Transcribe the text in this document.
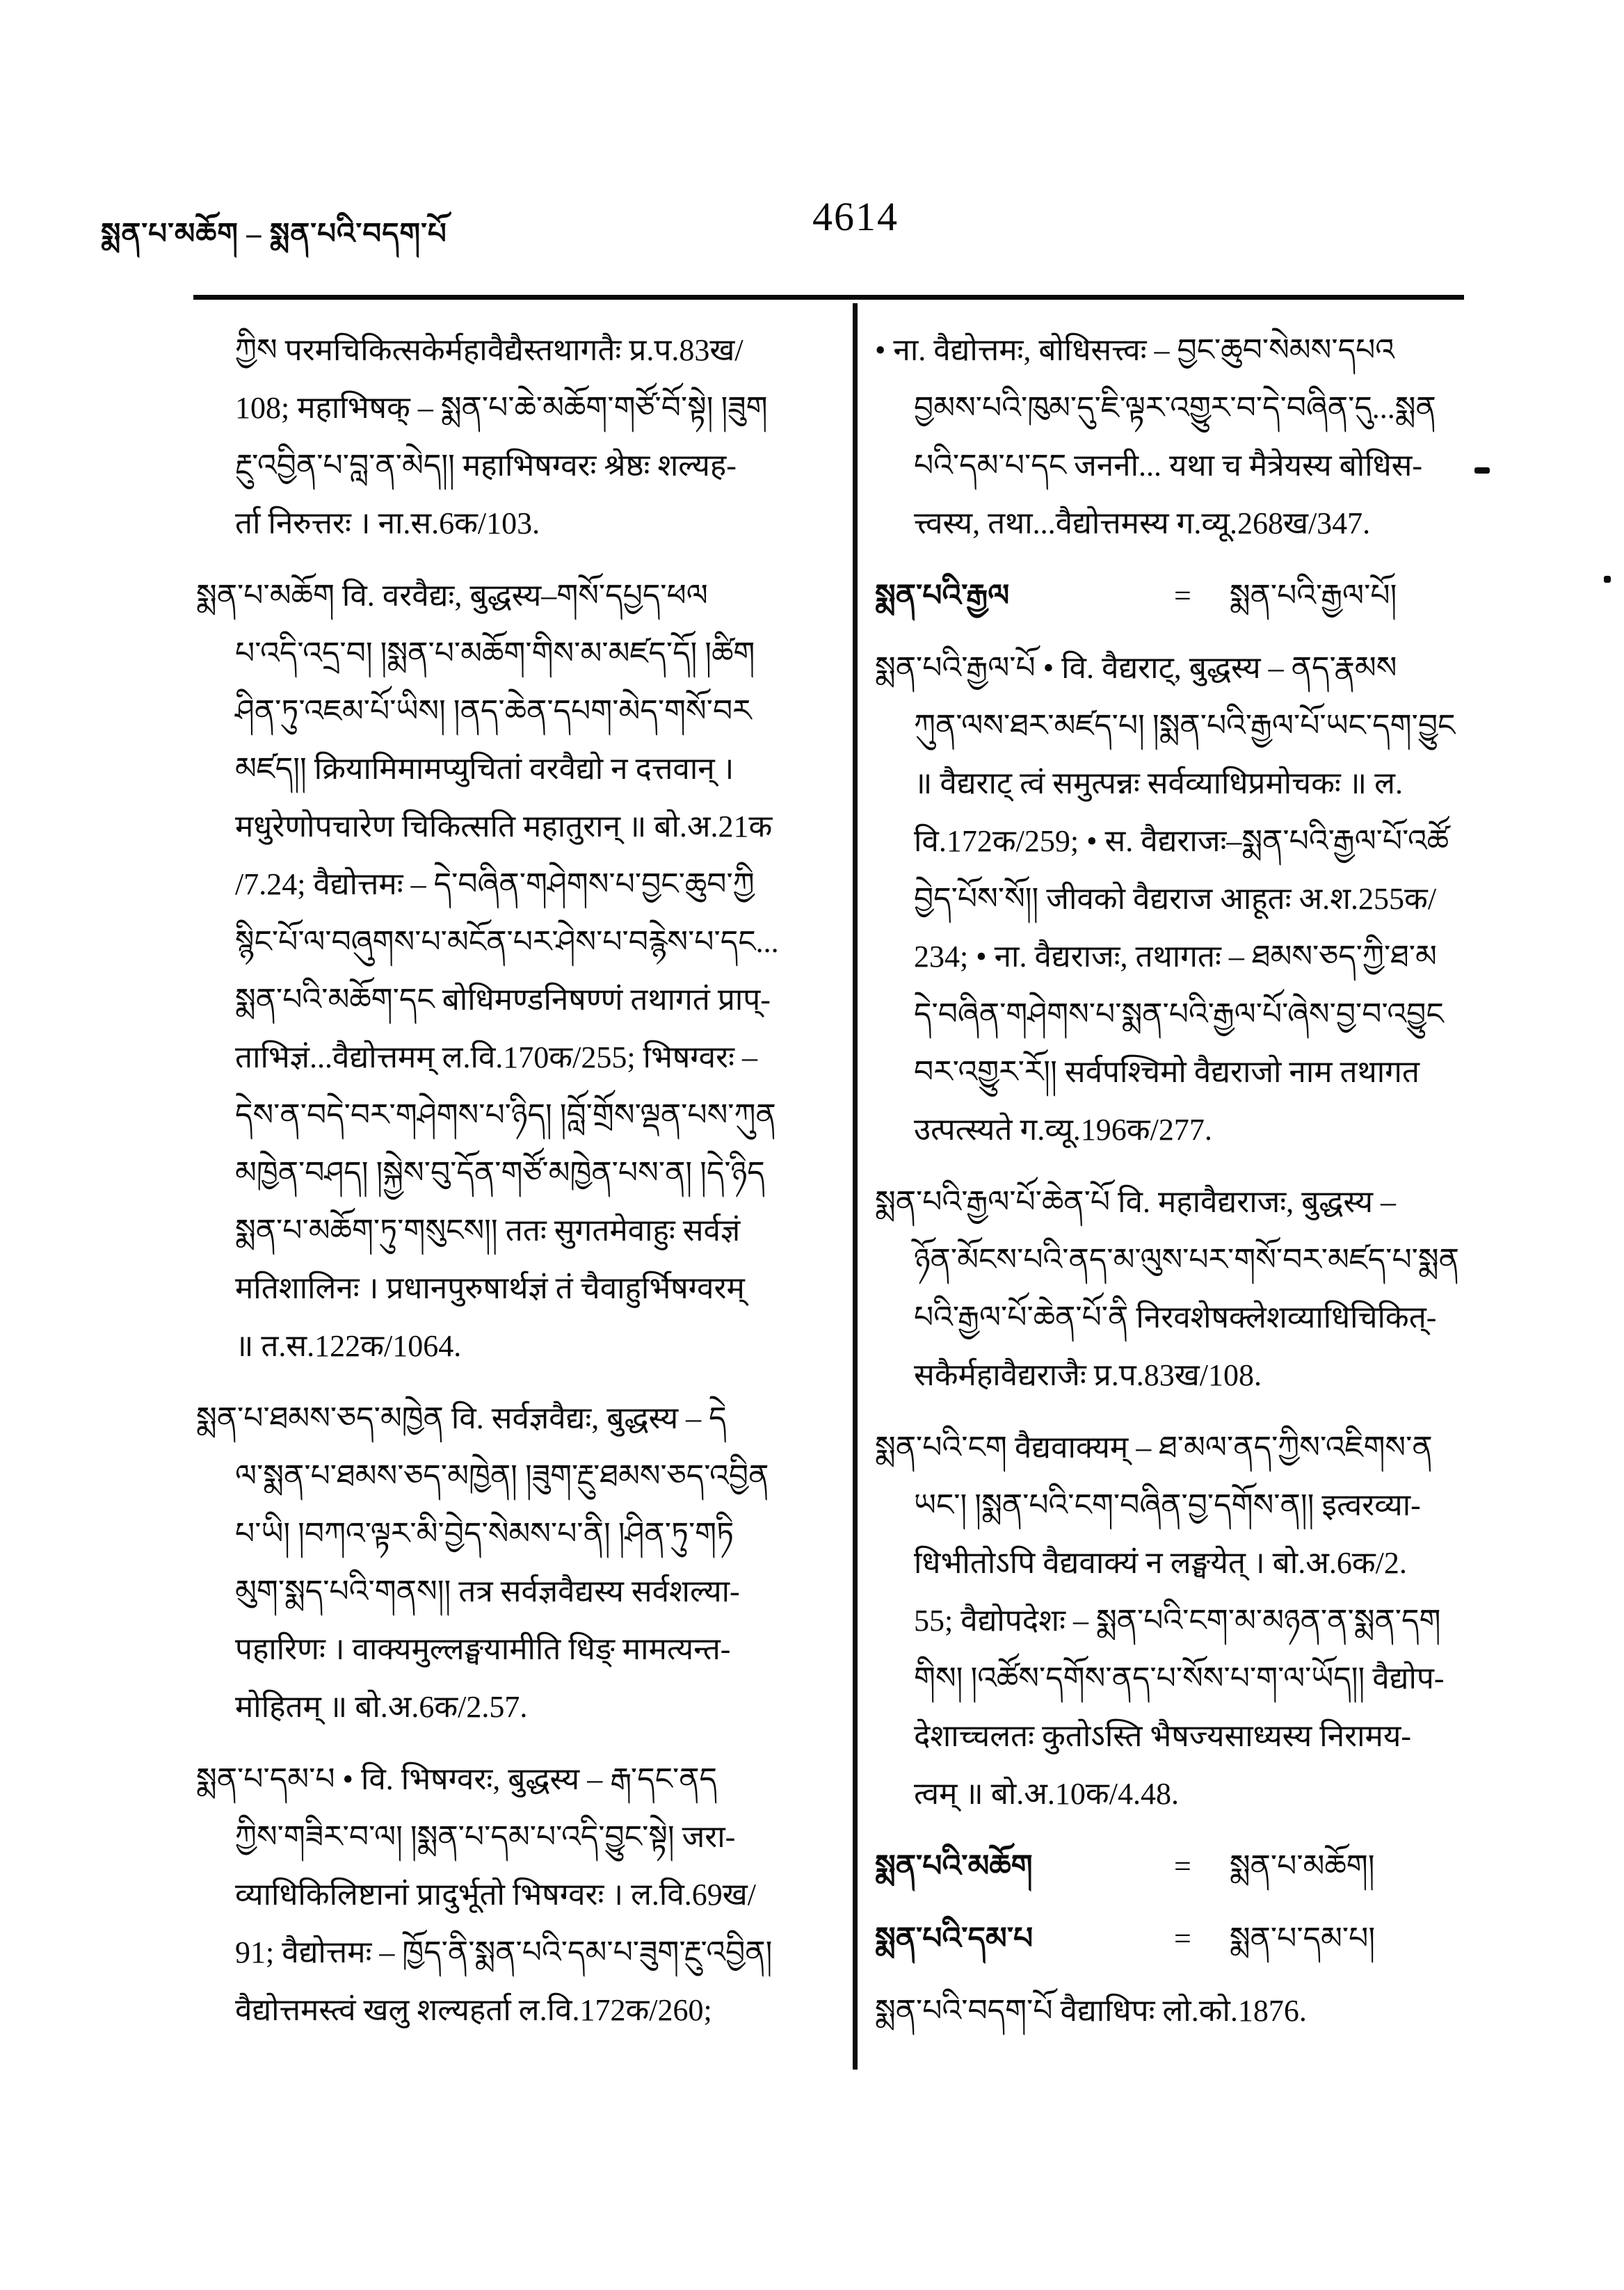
སྨན་པ་མཆོག – སྨན་པའི་བདག་པོ	4614
ཀྱིས परमचिकित्सकेर्महावैद्यैस्तथागतैः प्र.प.83ख/
108; महाभिषक् – སྨན་པ་ཆེ་མཆོག་གཙོ་བོ་སྟེ། །ཟུག
རྔུ་འབྱིན་པ་བླ་ན་མེད།། महाभिषग्वरः श्रेष्ठः शल्यह-
र्ता निरुत्तरः । ना.स.6क/103.
སྨན་པ་མཆོག वि. वरवैद्यः, बुद्धस्य–གསོ་དཔྱད་ཕལ
པ་འདི་འདྲ་བ། །སྨན་པ་མཆོག་གིས་མ་མཛད་དོ། །ཚིག
ཤིན་ཏུ་འཇམ་པོ་ཡིས། །ནད་ཆེན་དཔག་མེད་གསོ་བར
མཛད།། क्रियामिमामप्युचितां वरवैद्यो न दत्तवान् ।
मधुरेणोपचारेण चिकित्सति महातुरान् ॥ बो.अ.21क
/7.24; वैद्योत्तमः – དེ་བཞིན་གཤེགས་པ་བྱང་ཆུབ་ཀྱི
སྙིང་པོ་ལ་བཞུགས་པ་མངོན་པར་ཤེས་པ་བརྙེས་པ་དང...
སྨན་པའི་མཆོག་དང बोधिमण्डनिषण्णं तथागतं प्राप्-
ताभिज्ञं...वैद्योत्तमम् ल.वि.170क/255; भिषग्वरः –
དེས་ན་བདེ་བར་གཤེགས་པ་ཉིད། །བློ་གྲོས་ལྡན་པས་ཀུན
མཁྱེན་བཤད། །སྐྱེས་བུ་དོན་གཙོ་མཁྱེན་པས་ན། །དེ་ཉིད
སྨན་པ་མཆོག་ཏུ་གསུངས།། ततः सुगतमेवाहुः सर्वज्ञं
मतिशालिनः । प्रधानपुरुषार्थज्ञं तं चैवाहुर्भिषग्वरम्
॥ त.स.122क/1064.
སྨན་པ་ཐམས་ཅད་མཁྱེན वि. सर्वज्ञवैद्यः, बुद्धस्य – དེ
ལ་སྨན་པ་ཐམས་ཅད་མཁྱེན། །ཟུག་རྔུ་ཐམས་ཅད་འབྱིན
པ་ཡི། །བཀའ་ལྟར་མི་བྱེད་སེམས་པ་ནི། །ཤིན་ཏུ་གཏི
མུག་སྨད་པའི་གནས།། तत्र सर्वज्ञवैद्यस्य सर्वशल्या-
पहारिणः । वाक्यमुल्लङ्घयामीति धिङ् मामत्यन्त-
मोहितम् ॥ बो.अ.6क/2.57.
སྨན་པ་དམ་པ • वि. भिषग्वरः, बुद्धस्य – རྒ་དང་ནད
ཀྱིས་གཟིར་བ་ལ། །སྨན་པ་དམ་པ་འདི་བྱུང་སྟེ། जरा-
व्याधिकिलिष्टानां प्रादुर्भूतो भिषग्वरः । ल.वि.69ख/
91; वैद्योत्तमः – ཁྱོད་ནི་སྨན་པའི་དམ་པ་ཟུག་རྔུ་འབྱིན།
वैद्योत्तमस्त्वं खलु शल्यहर्ता ल.वि.172क/260;
• ना. वैद्योत्तमः, बोधिसत्त्वः – བྱང་ཆུབ་སེམས་དཔའ
བྱམས་པའི་ཁུམ་དུ་ཇི་ལྟར་འགྱུར་བ་དེ་བཞིན་དུ...སྨན
པའི་དམ་པ་དང जननी... यथा च मैत्रेयस्य बोधिस-
त्त्वस्य, तथा...वैद्योत्तमस्य ग.व्यू.268ख/347.
སྨན་པའི་རྒྱལ	= སྨན་པའི་རྒྱལ་པོ།
སྨན་པའི་རྒྱལ་པོ • वि. वैद्यराट्, बुद्धस्य – ནད་རྣམས
ཀུན་ལས་ཐར་མཛད་པ། །སྨན་པའི་རྒྱལ་པོ་ཡང་དག་བྱུང
॥ वैद्यराट् त्वं समुत्पन्नः सर्वव्याधिप्रमोचकः ॥ ल.
वि.172क/259; • स. वैद्यराजः–སྨན་པའི་རྒྱལ་པོ་འཚོ
བྱེད་པོས་སོ།། जीवको वैद्यराज आहूतः अ.श.255क/
234; • ना. वैद्यराजः, तथागतः – ཐམས་ཅད་ཀྱི་ཐ་མ
དེ་བཞིན་གཤེགས་པ་སྨན་པའི་རྒྱལ་པོ་ཞེས་བྱ་བ་འབྱུང
བར་འགྱུར་རོ།། सर्वपश्चिमो वैद्यराजो नाम तथागत
उत्पत्स्यते ग.व्यू.196क/277.
སྨན་པའི་རྒྱལ་པོ་ཆེན་པོ वि. महावैद्यराजः, बुद्धस्य –
ཉོན་མོངས་པའི་ནད་མ་ལུས་པར་གསོ་བར་མཛད་པ་སྨན
པའི་རྒྱལ་པོ་ཆེན་པོ་ནི निरवशेषक्लेशव्याधिचिकित्-
सकैर्महावैद्यराजैः प्र.प.83ख/108.
སྨན་པའི་ངག वैद्यवाक्यम् – ཐ་མལ་ནད་ཀྱིས་འཇིགས་ན
ཡང་། །སྨན་པའི་ངག་བཞིན་བྱ་དགོས་ན།། इत्वरव्या-
धिभीतोऽपि वैद्यवाक्यं न लङ्घयेत् । बो.अ.6क/2.
55; वैद्योपदेशः – སྨན་པའི་ངག་མ་མཉན་ན་སྨན་དག
གིས། །འཚོས་དགོས་ནད་པ་སོས་པ་ག་ལ་ཡོད།། वैद्योप-
देशाच्चलतः कुतोऽस्ति भैषज्यसाध्यस्य निरामय-
त्वम् ॥ बो.अ.10क/4.48.
སྨན་པའི་མཆོག	= སྨན་པ་མཆོག།
སྨན་པའི་དམ་པ	= སྨན་པ་དམ་པ།
སྨན་པའི་བདག་པོ वैद्याधिपः लो.को.1876.
